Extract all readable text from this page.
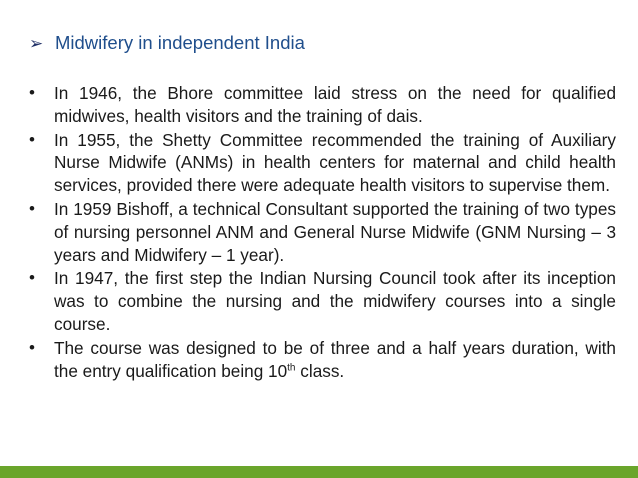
➢ Midwifery in independent India
• In 1946, the Bhore committee laid stress on the need for qualified midwives, health visitors and the training of dais.
• In 1955, the Shetty Committee recommended the training of Auxiliary Nurse Midwife (ANMs) in health centers for maternal and child health services, provided there were adequate health visitors to supervise them.
• In 1959 Bishoff, a technical Consultant supported the training of two types of nursing personnel ANM and General Nurse Midwife (GNM Nursing – 3 years and Midwifery – 1 year).
• In 1947, the first step the Indian Nursing Council took after its inception was to combine the nursing and the midwifery courses into a single course.
• The course was designed to be of three and a half years duration, with the entry qualification being 10th class.
